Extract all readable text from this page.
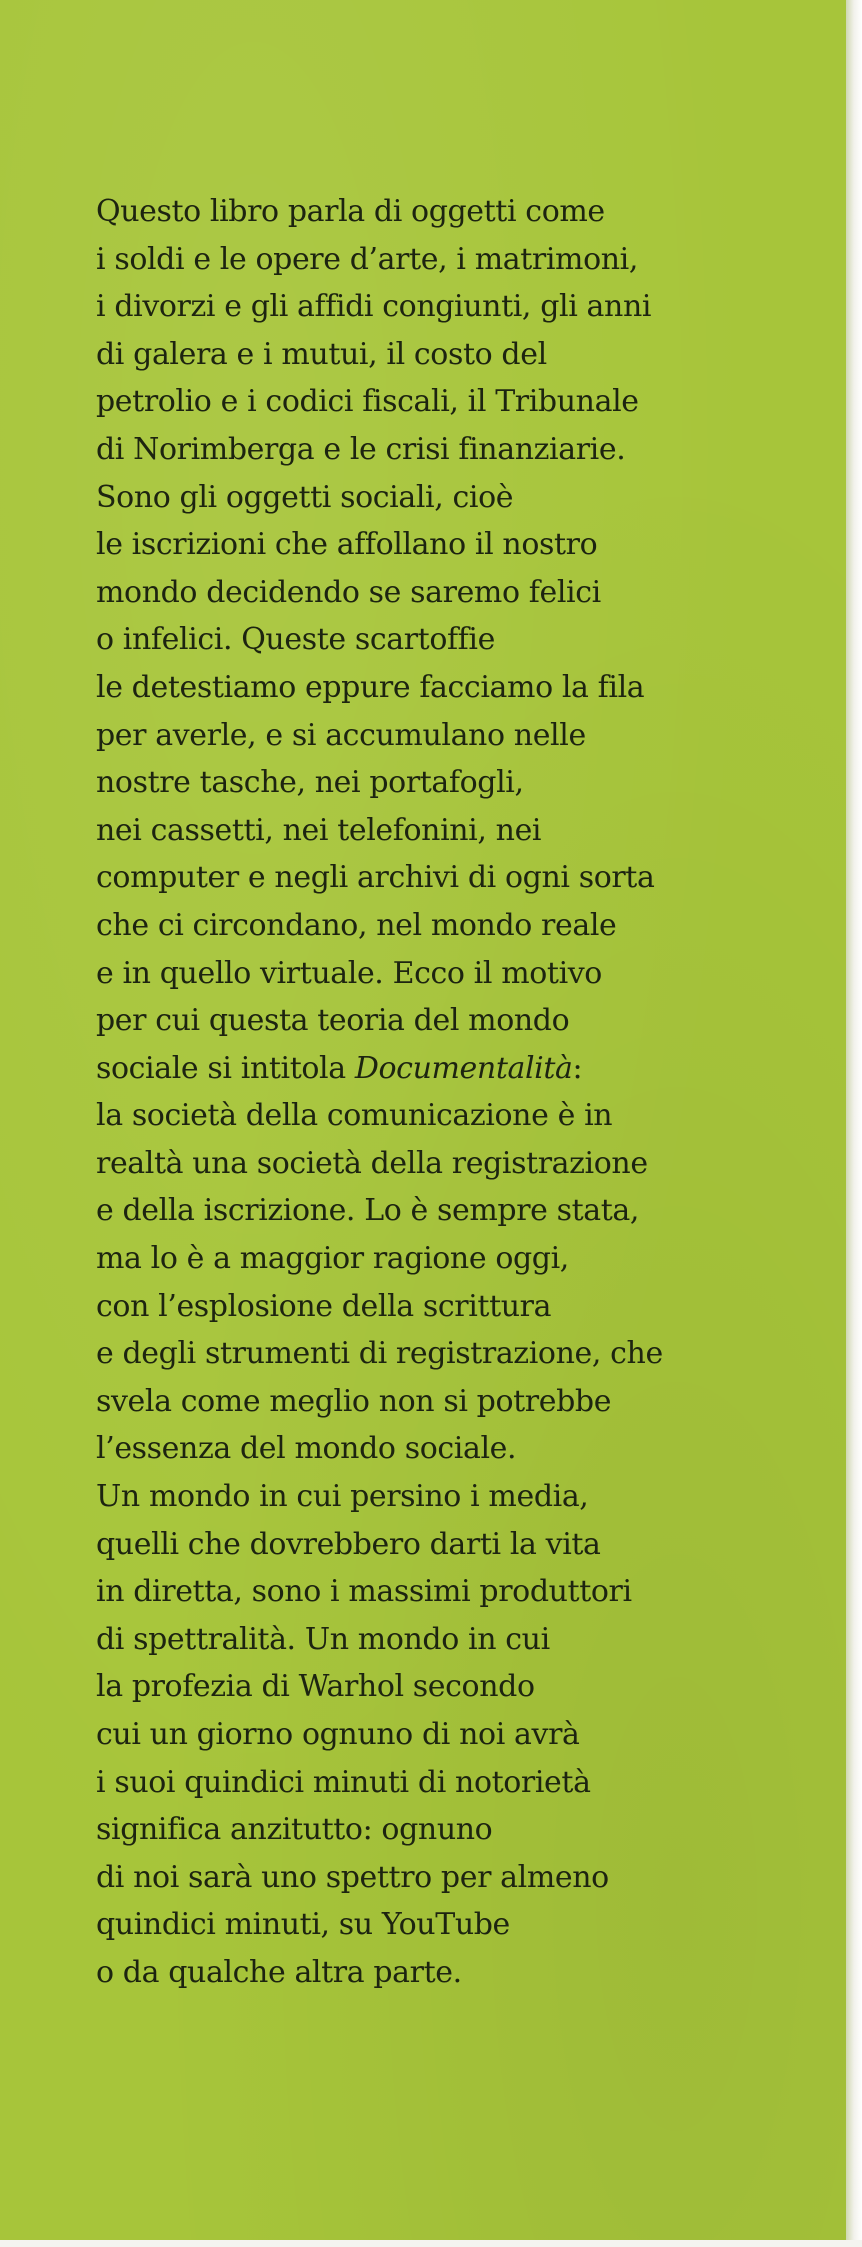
Questo libro parla di oggetti come
i soldi e le opere d’arte, i matrimoni,
i divorzi e gli affidi congiunti, gli anni
di galera e i mutui, il costo del
petrolio e i codici fiscali, il Tribunale
di Norimberga e le crisi finanziarie.
Sono gli oggetti sociali, cioè
le iscrizioni che affollano il nostro
mondo decidendo se saremo felici
o infelici. Queste scartoffie
le detestiamo eppure facciamo la fila
per averle, e si accumulano nelle
nostre tasche, nei portafogli,
nei cassetti, nei telefonini, nei
computer e negli archivi di ogni sorta
che ci circondano, nel mondo reale
e in quello virtuale. Ecco il motivo
per cui questa teoria del mondo
sociale si intitola Documentalità:
la società della comunicazione è in
realtà una società della registrazione
e della iscrizione. Lo è sempre stata,
ma lo è a maggior ragione oggi,
con l’esplosione della scrittura
e degli strumenti di registrazione, che
svela come meglio non si potrebbe
l’essenza del mondo sociale.
Un mondo in cui persino i media,
quelli che dovrebbero darti la vita
in diretta, sono i massimi produttori
di spettralità. Un mondo in cui
la profezia di Warhol secondo
cui un giorno ognuno di noi avrà
i suoi quindici minuti di notorietà
significa anzitutto: ognuno
di noi sarà uno spettro per almeno
quindici minuti, su YouTube
o da qualche altra parte.
